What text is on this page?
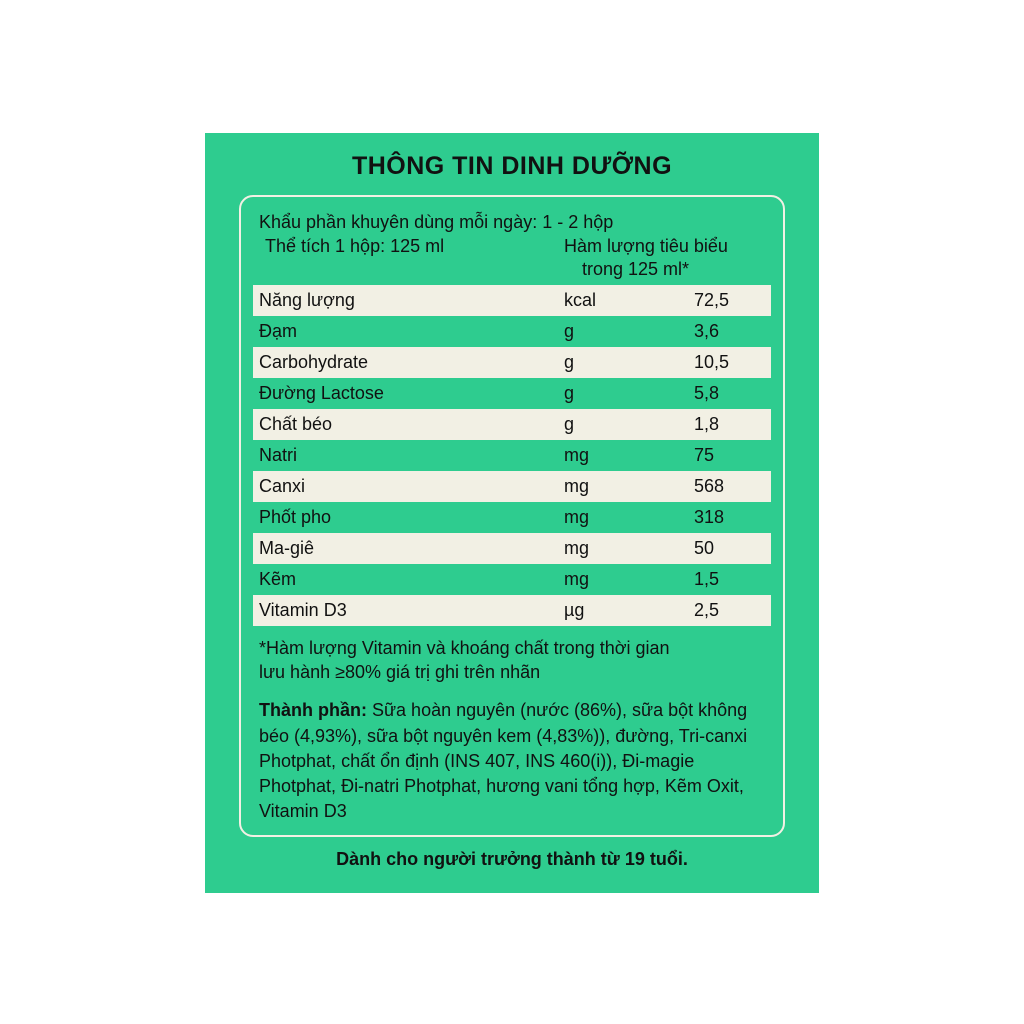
THÔNG TIN DINH DƯỠNG
Khẩu phần khuyên dùng mỗi ngày: 1 - 2 hộp
Thể tích 1 hộp: 125 ml	Hàm lượng tiêu biểu
trong 125 ml*
Năng lượng	kcal	72,5
Đạm	g	3,6
Carbohydrate	g	10,5
Đường Lactose	g	5,8
Chất béo	g	1,8
Natri	mg	75
Canxi	mg	568
Phốt pho	mg	318
Ma-giê	mg	50
Kẽm	mg	1,5
Vitamin D3	µg	2,5
*Hàm lượng Vitamin và khoáng chất trong thời gian
lưu hành ≥80% giá trị ghi trên nhãn
Thành phần: Sữa hoàn nguyên (nước (86%), sữa bột không béo (4,93%), sữa bột nguyên kem (4,83%)), đường, Tri-canxi Photphat, chất ổn định (INS 407, INS 460(i)), Đi-magie Photphat, Đi-natri Photphat, hương vani tổng hợp, Kẽm Oxit, Vitamin D3
Dành cho người trưởng thành từ 19 tuổi.
